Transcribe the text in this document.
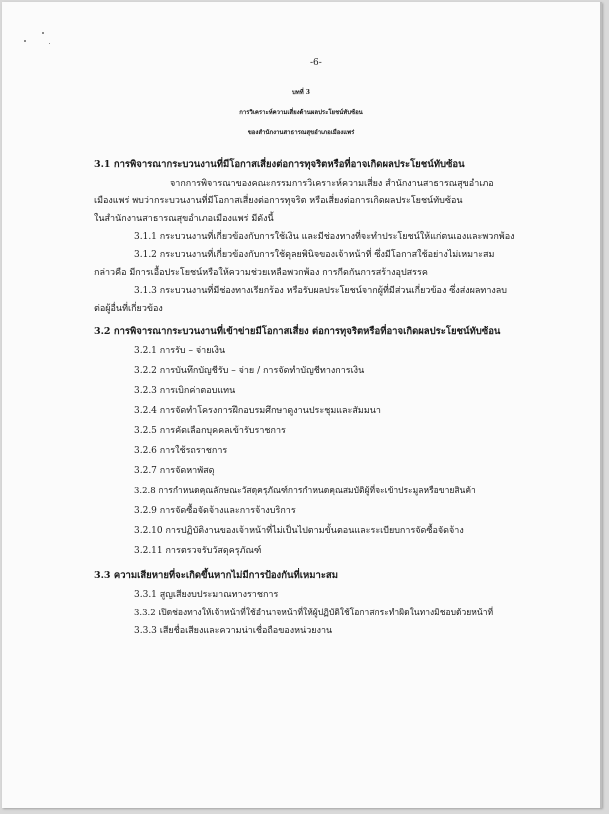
-6-
บทที่ 3
การวิเคราะห์ความเสี่ยงด้านผลประโยชน์ทับซ้อน
ของสำนักงานสาธารณสุขอำเภอเมืองแพร่
3.1 การพิจารณากระบวนงานที่มีโอกาสเสี่ยงต่อการทุจริตหรือที่อาจเกิดผลประโยชน์ทับซ้อน
จากการพิจารณาของคณะกรรมการวิเคราะห์ความเสี่ยง สำนักงานสาธารณสุขอำเภอ
เมืองแพร่ พบว่ากระบวนงานที่มีโอกาสเสี่ยงต่อการทุจริต หรือเสี่ยงต่อการเกิดผลประโยชน์ทับซ้อน
ในสำนักงานสาธารณสุขอำเภอเมืองแพร่ มีดังนี้
3.1.1 กระบวนงานที่เกี่ยวข้องกับการใช้เงิน และมีช่องทางที่จะทำประโยชน์ให้แก่ตนเองและพวกพ้อง
3.1.2 กระบวนงานที่เกี่ยวข้องกับการใช้ดุลยพินิจของเจ้าหน้าที่ ซึ่งมีโอกาสใช้อย่างไม่เหมาะสม
กล่าวคือ มีการเอื้อประโยชน์หรือให้ความช่วยเหลือพวกพ้อง การกีดกันการสร้างอุปสรรค
3.1.3 กระบวนงานที่มีช่องทางเรียกร้อง หรือรับผลประโยชน์จากผู้ที่มีส่วนเกี่ยวข้อง ซึ่งส่งผลทางลบ
ต่อผู้อื่นที่เกี่ยวข้อง
3.2 การพิจารณากระบวนงานที่เข้าข่ายมีโอกาสเสี่ยง ต่อการทุจริตหรือที่อาจเกิดผลประโยชน์ทับซ้อน
3.2.1 การรับ – จ่ายเงิน
3.2.2 การบันทึกบัญชีรับ – จ่าย / การจัดทำบัญชีทางการเงิน
3.2.3 การเบิกค่าตอบแทน
3.2.4 การจัดทำโครงการฝึกอบรมศึกษาดูงานประชุมและสัมมนา
3.2.5 การคัดเลือกบุคคลเข้ารับราชการ
3.2.6 การใช้รถราชการ
3.2.7 การจัดหาพัสดุ
3.2.8 การกำหนดคุณลักษณะวัสดุครุภัณฑ์การกำหนดคุณสมบัติผู้ที่จะเข้าประมูลหรือขายสินค้า
3.2.9 การจัดซื้อจัดจ้างและการจ้างบริการ
3.2.10 การปฏิบัติงานของเจ้าหน้าที่ไม่เป็นไปตามขั้นตอนและระเบียบการจัดซื้อจัดจ้าง
3.2.11 การตรวจรับวัสดุครุภัณฑ์
3.3 ความเสียหายที่จะเกิดขึ้นหากไม่มีการป้องกันที่เหมาะสม
3.3.1 สูญเสียงบประมาณทางราชการ
3.3.2 เปิดช่องทางให้เจ้าหน้าที่ใช้อำนาจหน้าที่ให้ผู้ปฏิบัติใช้โอกาสกระทำผิดในทางมิชอบด้วยหน้าที่
3.3.3 เสียชื่อเสียงและความน่าเชื่อถือของหน่วยงาน
